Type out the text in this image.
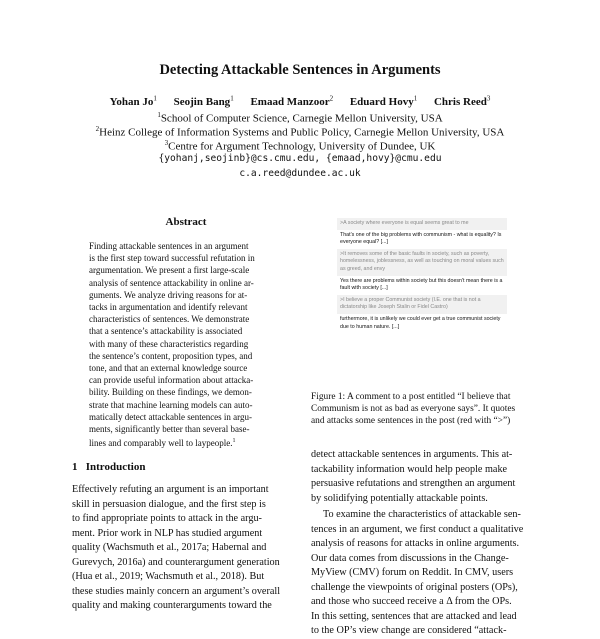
Detecting Attackable Sentences in Arguments
Yohan Jo$^1$ Seojin Bang$^1$ Emaad Manzoor$^2$ Eduard Hovy$^1$ Chris Reed$^3$
$^1$School of Computer Science, Carnegie Mellon University, USA
$^2$Heinz College of Information Systems and Public Policy, Carnegie Mellon University, USA
$^3$Centre for Argument Technology, University of Dundee, UK
{yohanj,seojinb}@cs.cmu.edu, {emaad,hovy}@cmu.edu
c.a.reed@dundee.ac.uk
Abstract
Finding attackable sentences in an argument
is the first step toward successful refutation in
argumentation. We present a first large-scale
analysis of sentence attackability in online ar-
guments. We analyze driving reasons for at-
tacks in argumentation and identify relevant
characteristics of sentences. We demonstrate
that a sentence’s attackability is associated
with many of these characteristics regarding
the sentence’s content, proposition types, and
tone, and that an external knowledge source
can provide useful information about attacka-
bility. Building on these findings, we demon-
strate that machine learning models can auto-
matically detect attackable sentences in argu-
ments, significantly better than several base-
lines and comparably well to laypeople.$^1$
1 Introduction
Effectively refuting an argument is an important
skill in persuasion dialogue, and the first step is
to find appropriate points to attack in the argu-
ment. Prior work in NLP has studied argument
quality (Wachsmuth et al., 2017a; Habernal and
Gurevych, 2016a) and counterargument generation
(Hua et al., 2019; Wachsmuth et al., 2018). But
these studies mainly concern an argument’s overall
quality and making counterarguments toward the
>A society where everyone is equal seems great to me
That's one of the big problems with communism - what is equality? Is everyone equal? [...]
>It removes some of the basic faults in society, such as poverty, homelessness, joblessness, as well as touching on moral values such as greed, and envy
Yes there are problems within society but this doesn't mean there is a fault with society [...]
>I believe a proper Communist society (I.E. one that is not a dictatorship like Joseph Stalin or Fidel Castro)
furthermore, it is unlikely we could ever get a true communist society due to human nature. [...]
Figure 1: A comment to a post entitled “I believe that
Communism is not as bad as everyone says”. It quotes
and attacks some sentences in the post (red with “>”)
detect attackable sentences in arguments. This at-
tackability information would help people make
persuasive refutations and strengthen an argument
by solidifying potentially attackable points.
To examine the characteristics of attackable sen-
tences in an argument, we first conduct a qualitative
analysis of reasons for attacks in online arguments.
Our data comes from discussions in the Change-
MyView (CMV) forum on Reddit. In CMV, users
challenge the viewpoints of original posters (OPs),
and those who succeed receive a Δ from the OPs.
In this setting, sentences that are attacked and lead
to the OP’s view change are considered “attack-
